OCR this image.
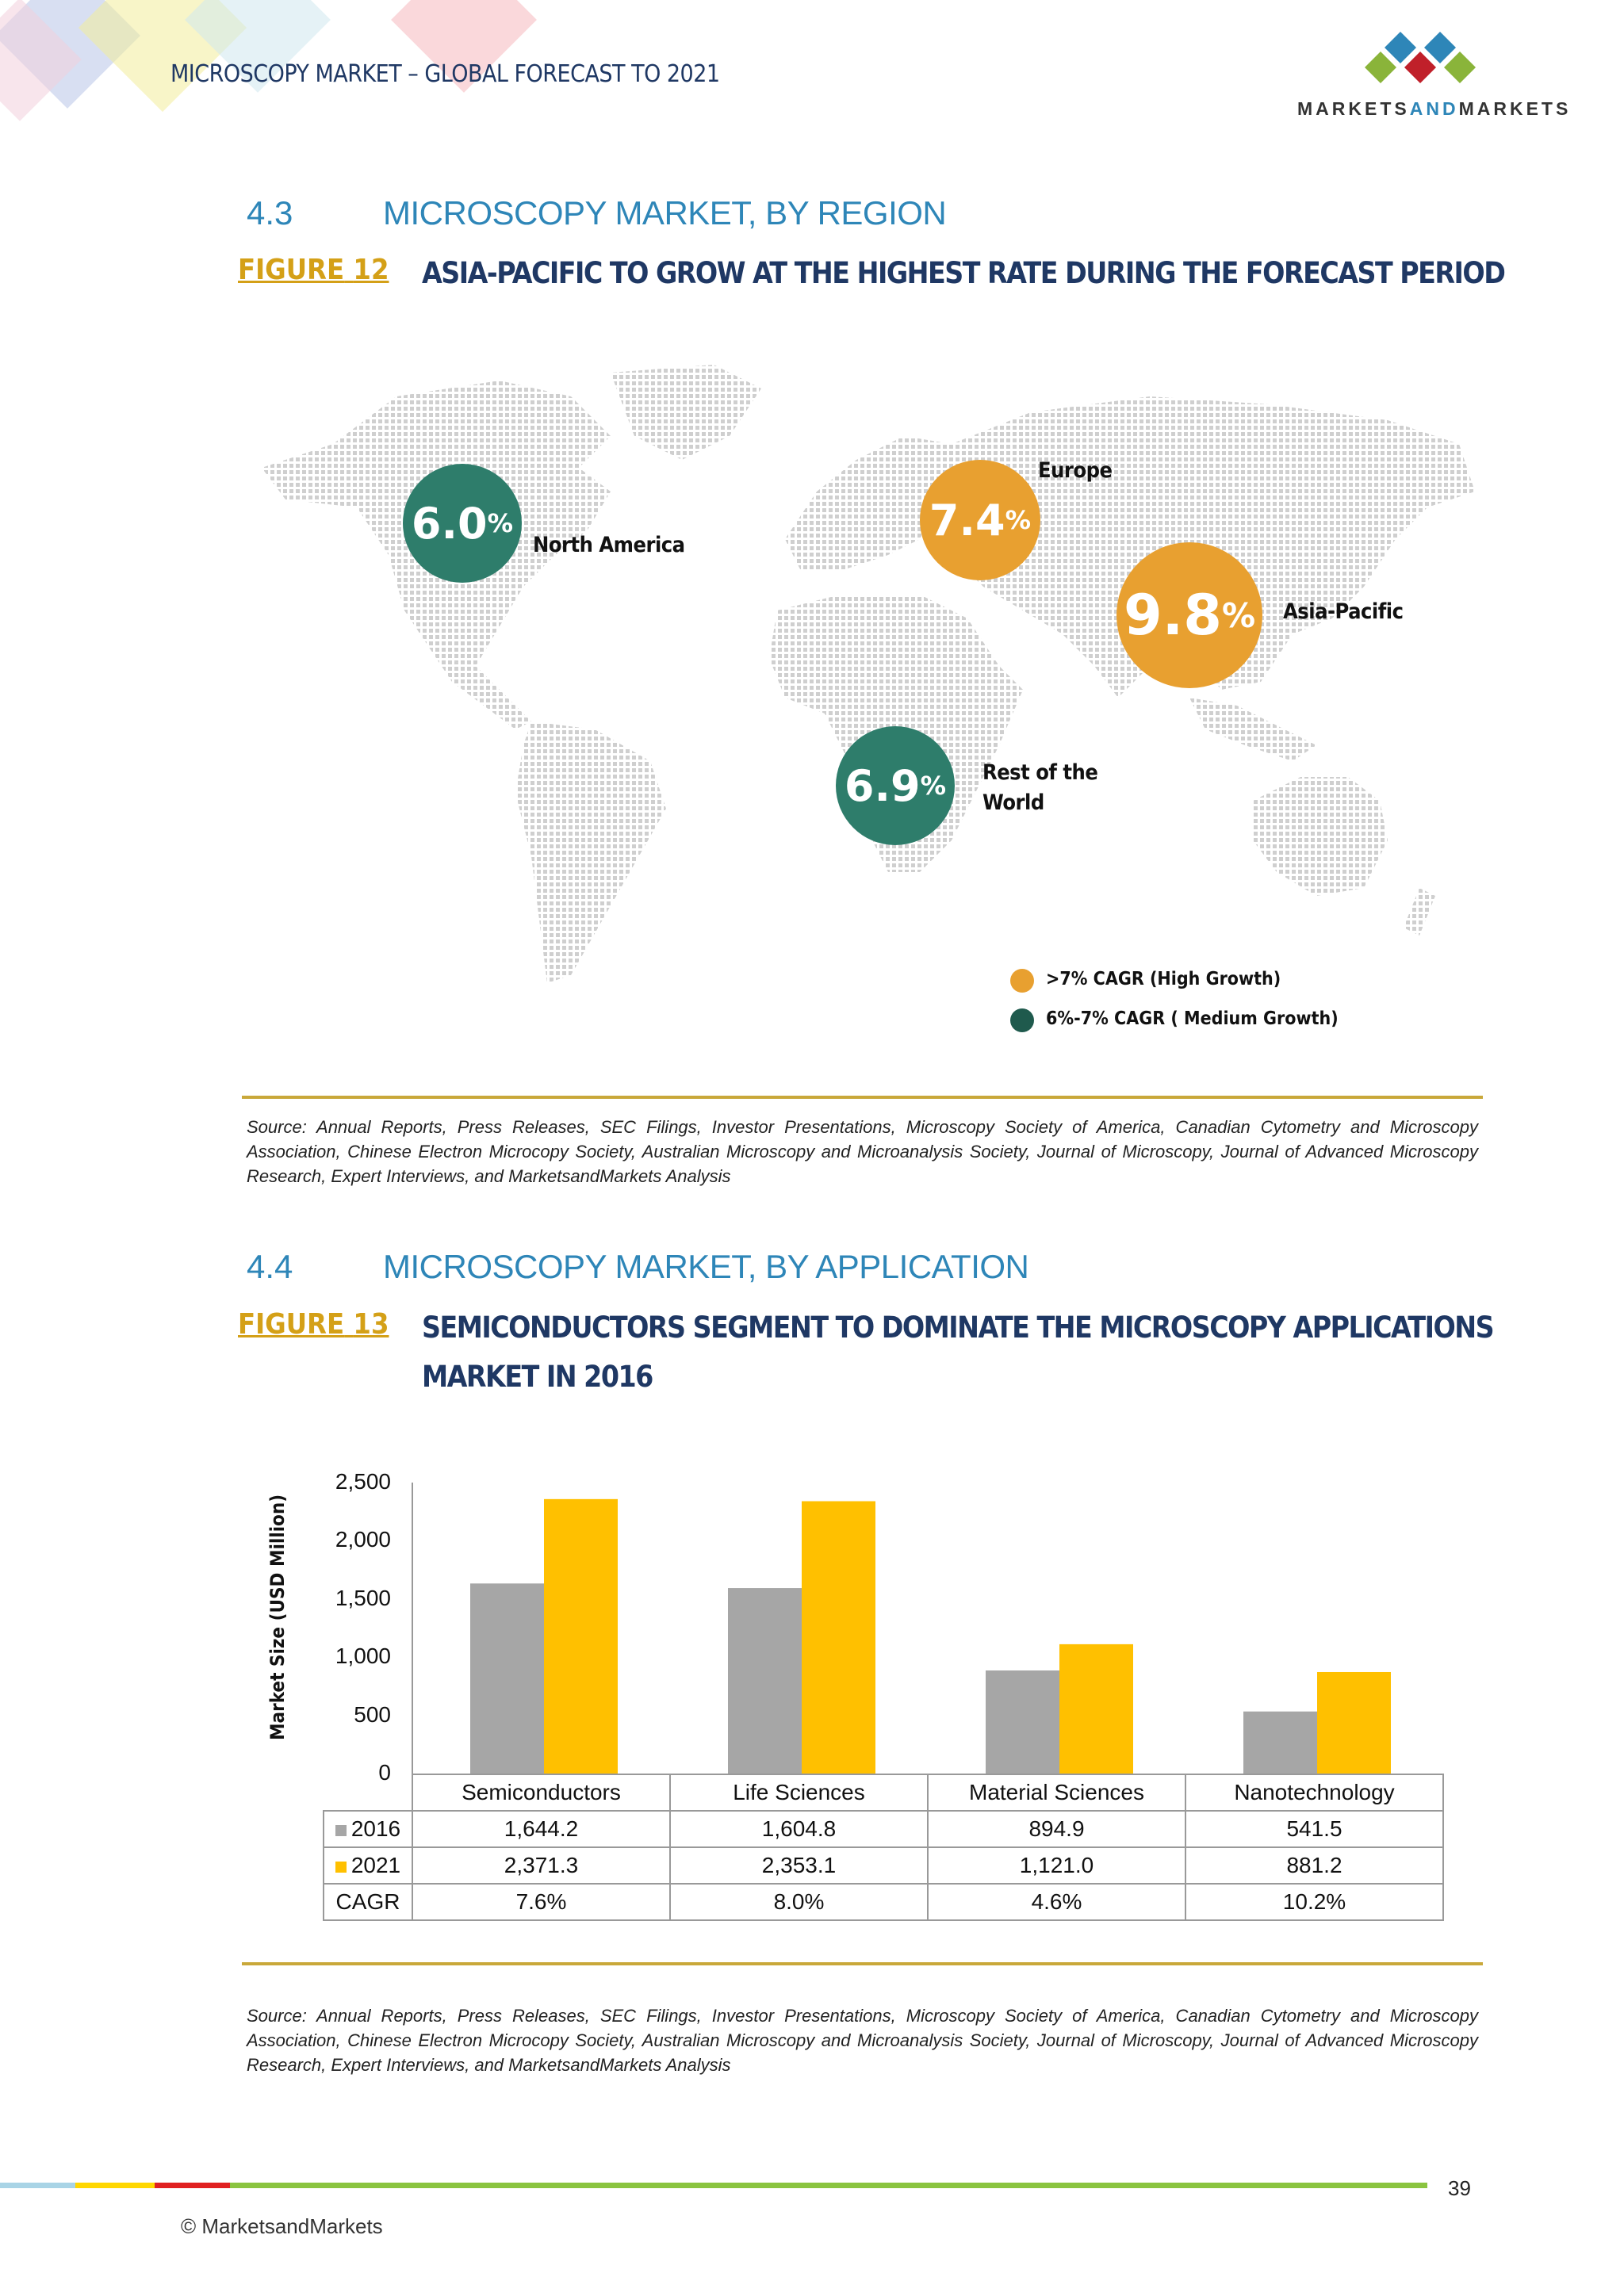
MICROSCOPY MARKET – GLOBAL FORECAST TO 2021
MARKETSANDMARKETS
4.3	MICROSCOPY MARKET, BY REGION
FIGURE 12 ASIA-PACIFIC TO GROW AT THE HIGHEST RATE DURING THE FORECAST PERIOD
6.0 %
North America	7.4 %
Europe
9.8 % Asia-Pacific
6.9 % Rest of the
World
>7% CAGR (High Growth)
6%-7% CAGR ( Medium Growth)
Source: Annual Reports, Press Releases, SEC Filings, Investor Presentations, Microscopy Society of America, Canadian Cytometry and Microscopy Association, Chinese Electron Microcopy Society, Australian Microscopy and Microanalysis Society, Journal of Microscopy, Journal of Advanced Microscopy Research, Expert Interviews, and MarketsandMarkets Analysis
4.4	MICROSCOPY MARKET, BY APPLICATION
FIGURE 13 SEMICONDUCTORS SEGMENT TO DOMINATE THE MICROSCOPY APPLICATIONS
MARKET IN 2016
Market Size (USD Million)
2,500
2,000
1,500
1,000
500
0
	Semiconductors	Life Sciences	Material Sciences	Nanotechnology
2016	1,644.2	1,604.8	894.9	541.5
2021	2,371.3	2,353.1	1,121.0	881.2
CAGR	7.6%	8.0%	4.6%	10.2%
Source: Annual Reports, Press Releases, SEC Filings, Investor Presentations, Microscopy Society of America, Canadian Cytometry and Microscopy Association, Chinese Electron Microcopy Society, Australian Microscopy and Microanalysis Society, Journal of Microscopy, Journal of Advanced Microscopy Research, Expert Interviews, and MarketsandMarkets Analysis
39
© MarketsandMarkets
